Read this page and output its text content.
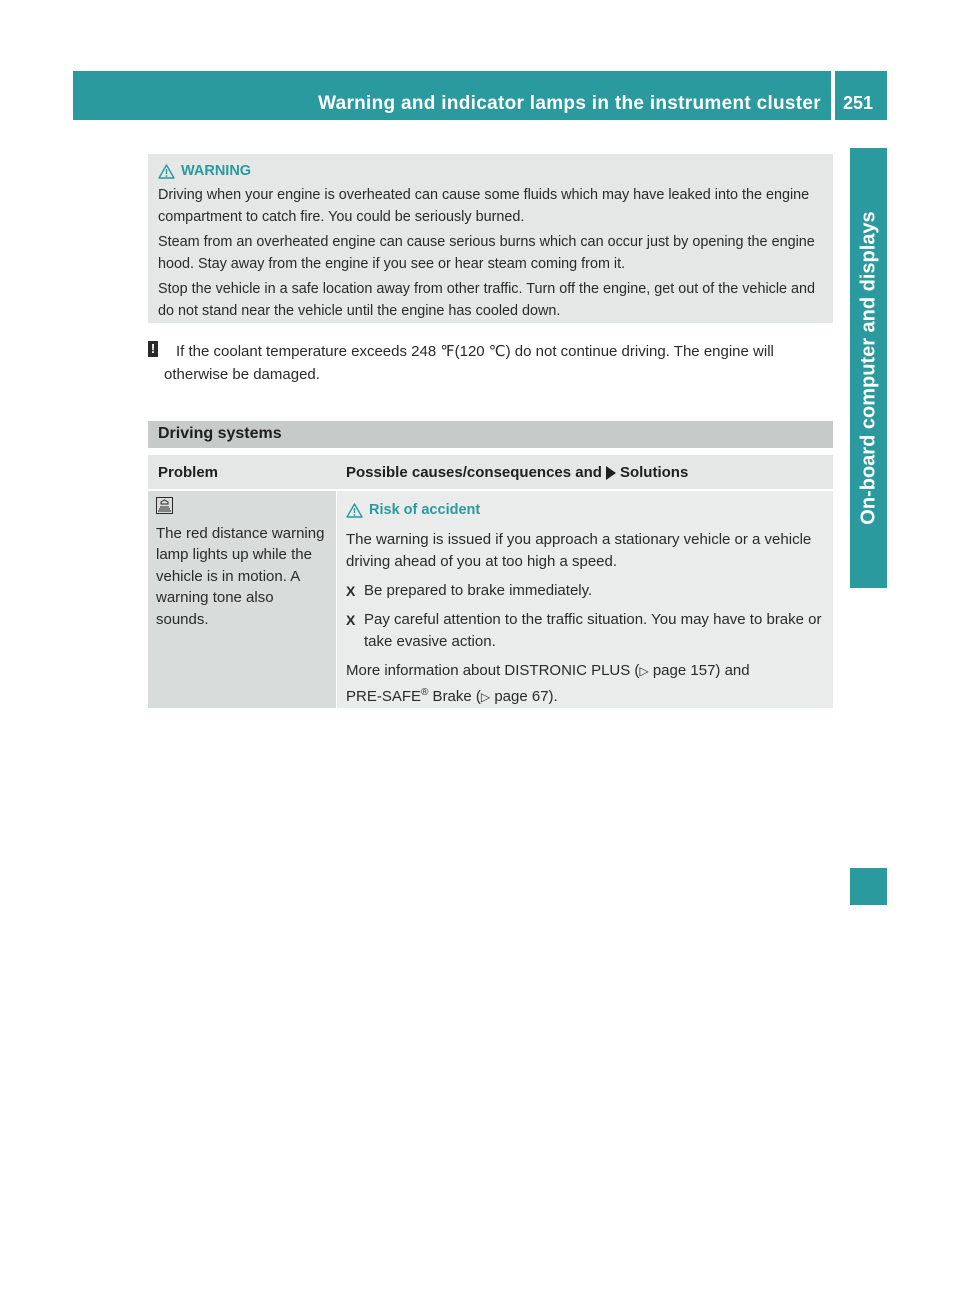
Warning and indicator lamps in the instrument cluster 251
On-board computer and displays
WARNING

Driving when your engine is overheated can cause some fluids which may have leaked into the engine compartment to catch fire. You could be seriously burned.

Steam from an overheated engine can cause serious burns which can occur just by opening the engine hood. Stay away from the engine if you see or hear steam coming from it.

Stop the vehicle in a safe location away from other traffic. Turn off the engine, get out of the vehicle and do not stand near the vehicle until the engine has cooled down.

!	If the coolant temperature exceeds 248 ℉(120 ℃) do not continue driving. The engine will otherwise be damaged.
Driving systems
Problem	Possible causes/consequences and Solutions
The red distance warning lamp lights up while the vehicle is in motion. A warning tone also sounds.
Risk of accident

The warning is issued if you approach a stationary vehicle or a vehicle driving ahead of you at too high a speed.

X Be prepared to brake immediately.
X Pay careful attention to the traffic situation. You may have to brake or take evasive action.

More information about DISTRONIC PLUS (▷ page 157) and
PRE-SAFE® Brake (▷ page 67).
